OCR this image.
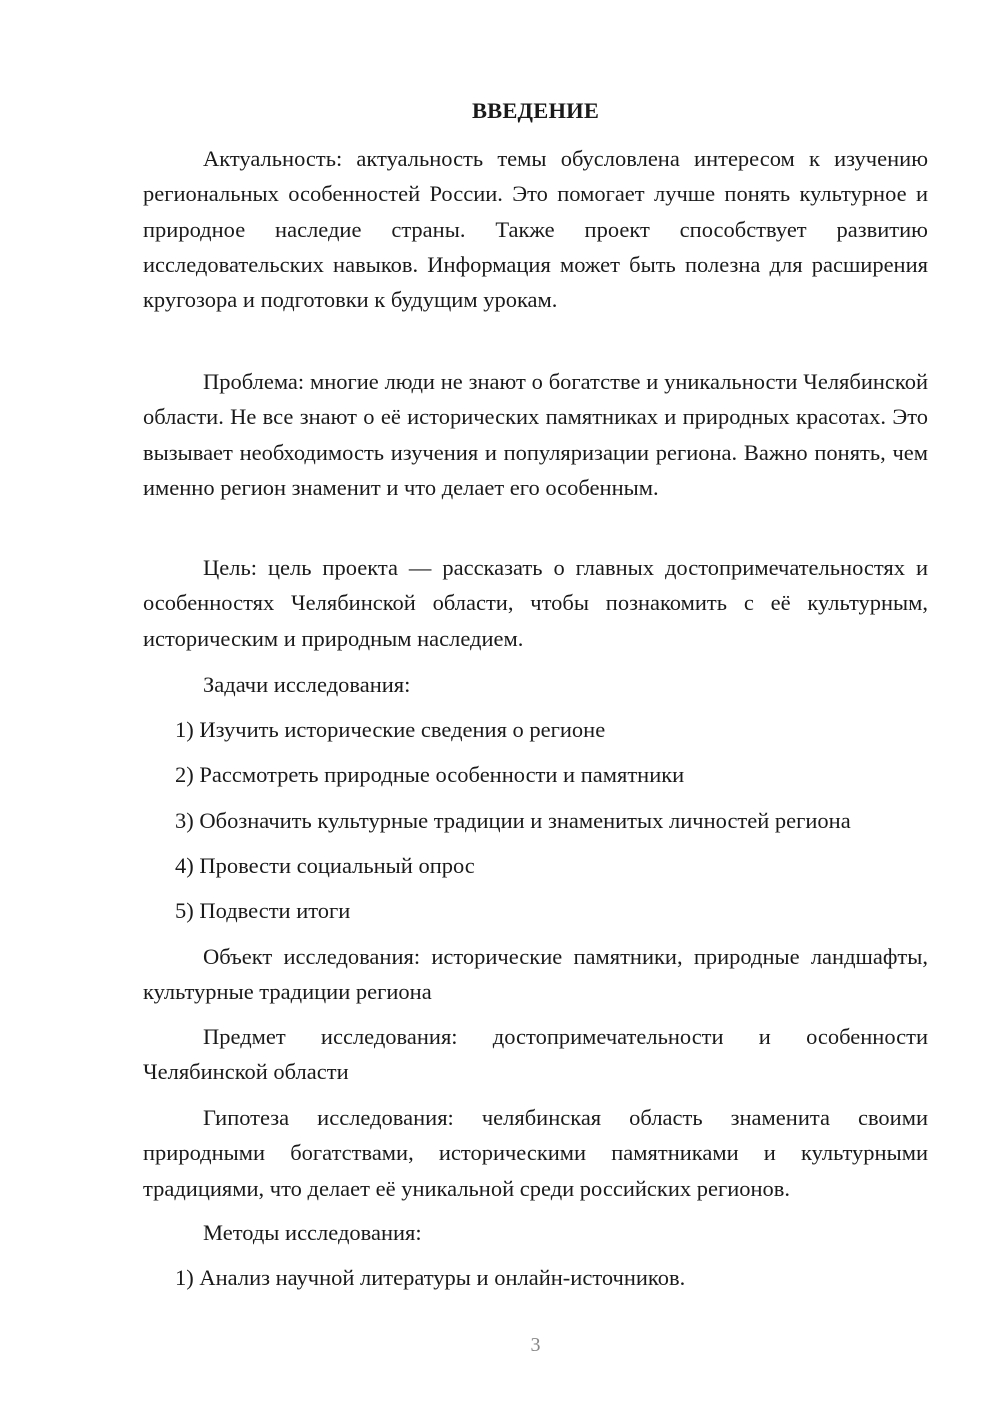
ВВЕДЕНИЕ

Актуальность: актуальность темы обусловлена интересом к изучению региональных особенностей России. Это помогает лучше понять культурное и природное наследие страны. Также проект способствует развитию исследовательских навыков. Информация может быть полезна для расширения кругозора и подготовки к будущим урокам.

Проблема: многие люди не знают о богатстве и уникальности Челябинской области. Не все знают о её исторических памятниках и природных красотах. Это вызывает необходимость изучения и популяризации региона. Важно понять, чем именно регион знаменит и что делает его особенным.

Цель: цель проекта — рассказать о главных достопримечательностях и особенностях Челябинской области, чтобы познакомить с её культурным, историческим и природным наследием.

Задачи исследования:

1) Изучить исторические сведения о регионе

2) Рассмотреть природные особенности и памятники

3) Обозначить культурные традиции и знаменитых личностей региона

4) Провести социальный опрос

5) Подвести итоги

Объект исследования: исторические памятники, природные ландшафты, культурные традиции региона

Предмет исследования: достопримечательности и особенности Челябинской области

Гипотеза исследования: челябинская область знаменита своими природными богатствами, историческими памятниками и культурными традициями, что делает её уникальной среди российских регионов.

Методы исследования:

1) Анализ научной литературы и онлайн-источников.

3
